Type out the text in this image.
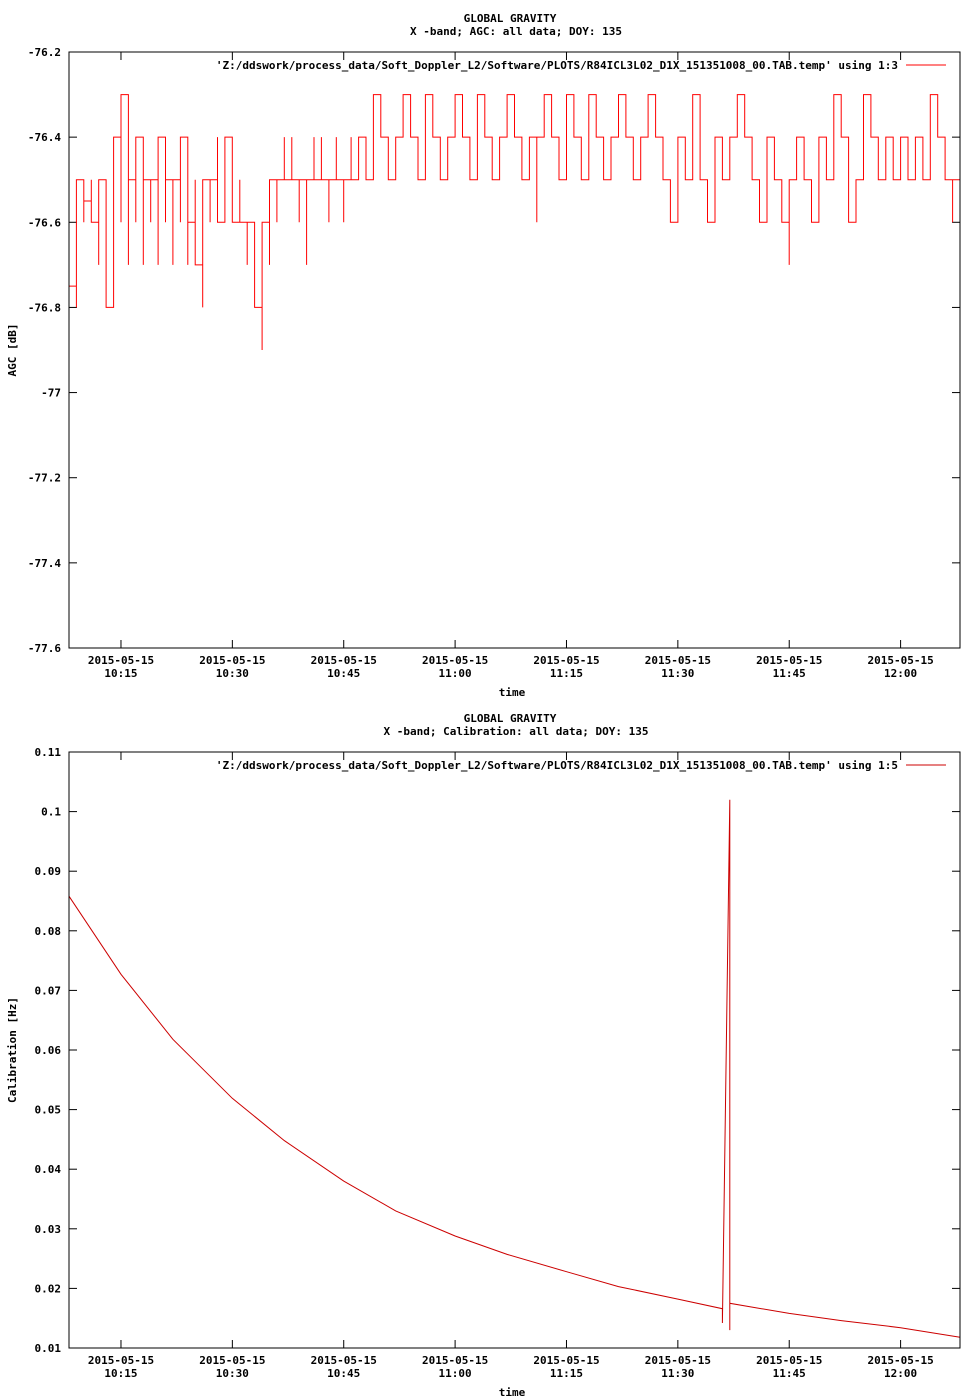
GLOBAL GRAVITY
X -band; AGC: all data; DOY: 135
time
AGC [dB]
-76.2
-76.4
-76.6
-76.8
-77
-77.2
-77.4
-77.6
2015-05-15
10:15
2015-05-15
10:30
2015-05-15
10:45
2015-05-15
11:00
2015-05-15
11:15
2015-05-15
11:30
2015-05-15
11:45
2015-05-15
12:00
'Z:/ddswork/process_data/Soft_Doppler_L2/Software/PLOTS/R84ICL3L02_D1X_151351008_00.TAB.temp' using 1:3
GLOBAL GRAVITY
X -band; Calibration: all data; DOY: 135
time
Calibration [Hz]
0.11
0.1
0.09
0.08
0.07
0.06
0.05
0.04
0.03
0.02
0.01
2015-05-15
10:15
2015-05-15
10:30
2015-05-15
10:45
2015-05-15
11:00
2015-05-15
11:15
2015-05-15
11:30
2015-05-15
11:45
2015-05-15
12:00
'Z:/ddswork/process_data/Soft_Doppler_L2/Software/PLOTS/R84ICL3L02_D1X_151351008_00.TAB.temp' using 1:5
